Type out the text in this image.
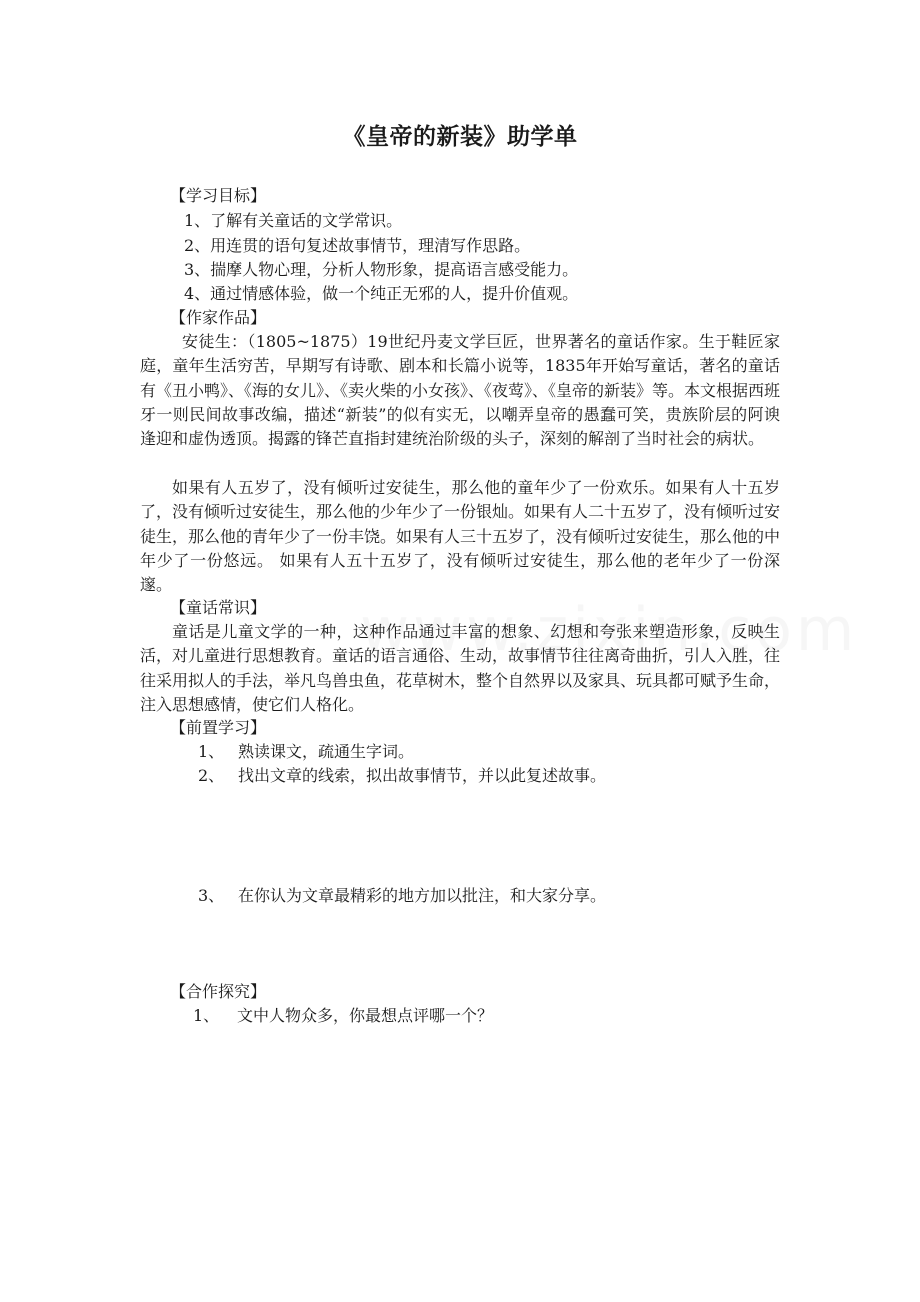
《皇帝的新装》助学单
【学习目标】
1、了解有关童话的文学常识。
2、用连贯的语句复述故事情节，理清写作思路。
3、揣摩人物心理，分析人物形象，提高语言感受能力。
4、通过情感体验，做一个纯正无邪的人，提升价值观。
【作家作品】
安徒生：（1805~1875）19世纪丹麦文学巨匠，世界著名的童话作家。生于鞋匠家庭，童年生活穷苦，早期写有诗歌、剧本和长篇小说等，1835年开始写童话，著名的童话有《丑小鸭》、《海的女儿》、《卖火柴的小女孩》、《夜莺》、《皇帝的新装》等。本文根据西班牙一则民间故事改编，描述“新装”的似有实无，以嘲弄皇帝的愚蠢可笑，贵族阶层的阿谀逢迎和虚伪透顶。揭露的锋芒直指封建统治阶级的头子，深刻的解剖了当时社会的病状。
如果有人五岁了，没有倾听过安徒生，那么他的童年少了一份欢乐。如果有人十五岁了，没有倾听过安徒生，那么他的少年少了一份银灿。如果有人二十五岁了，没有倾听过安徒生，那么他的青年少了一份丰饶。如果有人三十五岁了，没有倾听过安徒生，那么他的中年少了一份悠远。 如果有人五十五岁了，没有倾听过安徒生，那么他的老年少了一份深邃。
【童话常识】
童话是儿童文学的一种，这种作品通过丰富的想象、幻想和夸张来塑造形象，反映生活，对儿童进行思想教育。童话的语言通俗、生动，故事情节往往离奇曲折，引人入胜，往往采用拟人的手法，举凡鸟兽虫鱼，花草树木，整个自然界以及家具、玩具都可赋予生命，注入思想感情，使它们人格化。
【前置学习】
1、 熟读课文，疏通生字词。
2、 找出文章的线索，拟出故事情节，并以此复述故事。
3、 在你认为文章最精彩的地方加以批注，和大家分享。
【合作探究】
1、 文中人物众多，你最想点评哪一个？
